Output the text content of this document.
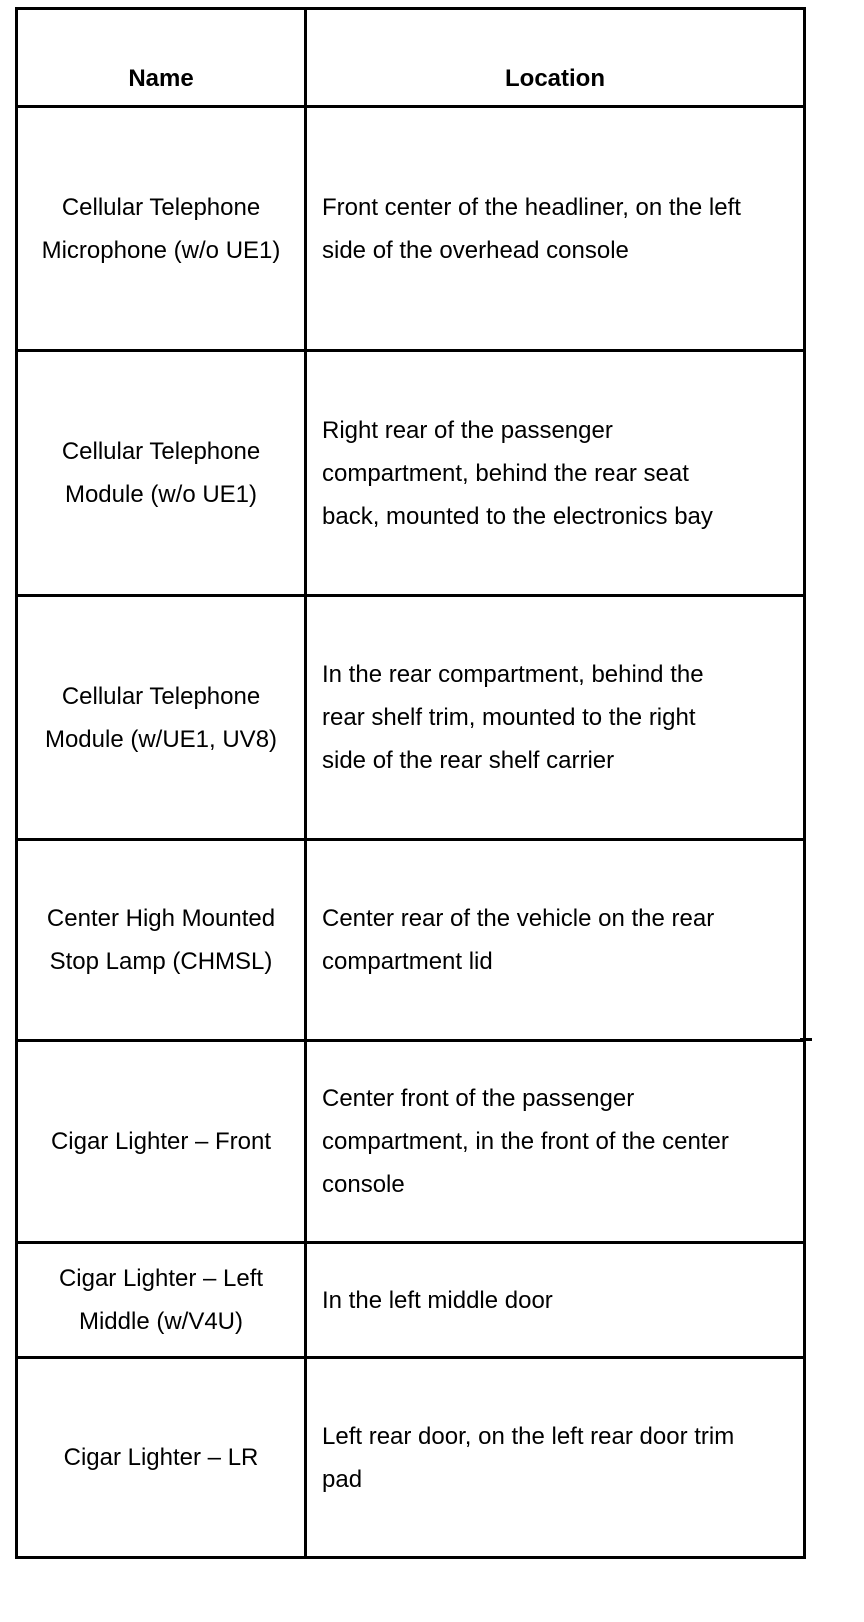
Name	Location
Cellular Telephone Microphone (w/o UE1)	Front center of the headliner, on the left side of the overhead console
Cellular Telephone Module (w/o UE1)	Right rear of the passenger compartment, behind the rear seat back, mounted to the electronics bay
Cellular Telephone Module (w/UE1, UV8)	In the rear compartment, behind the rear shelf trim, mounted to the right side of the rear shelf carrier
Center High Mounted Stop Lamp (CHMSL)	Center rear of the vehicle on the rear compartment lid
Cigar Lighter – Front	Center front of the passenger compartment, in the front of the center console
Cigar Lighter – Left Middle (w/V4U)	In the left middle door
Cigar Lighter – LR	Left rear door, on the left rear door trim pad
